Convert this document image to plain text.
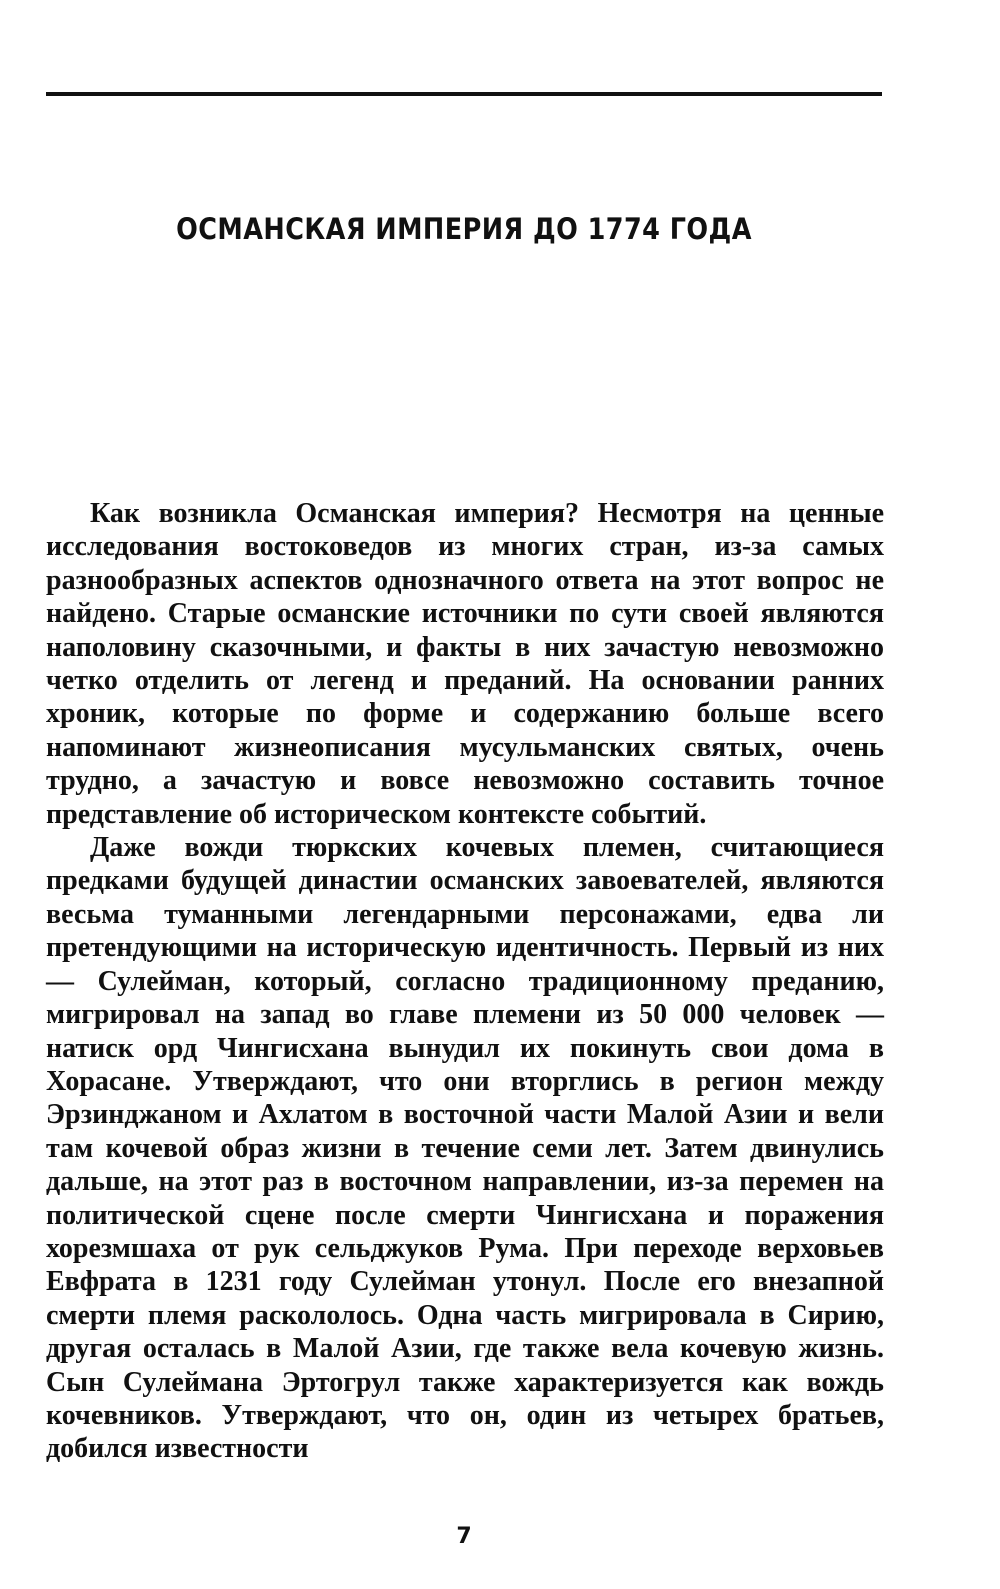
ОСМАНСКАЯ ИМПЕРИЯ ДО 1774 ГОДА

Как возникла Османская империя? Несмотря на ценные исследования востоковедов из многих стран, из-за самых разнообразных аспектов однозначного ответа на этот вопрос не найдено. Старые османские источники по сути своей являются наполовину сказочными, и факты в них зачастую невозможно четко отделить от легенд и преданий. На основании ранних хроник, которые по форме и содержанию больше всего напоминают жизнеописания мусульманских святых, очень трудно, а зачастую и вовсе невозможно составить точное представление об историческом контексте событий.

Даже вожди тюркских кочевых племен, считающиеся предками будущей династии османских завоевателей, являются весьма туманными легендарными персонажами, едва ли претендующими на историческую идентичность. Первый из них — Сулейман, который, согласно традиционному преданию, мигрировал на запад во главе племени из 50 000 человек — натиск орд Чингисхана вынудил их покинуть свои дома в Хорасане. Утверждают, что они вторглись в регион между Эрзинджаном и Ахлатом в восточной части Малой Азии и вели там кочевой образ жизни в течение семи лет. Затем двинулись дальше, на этот раз в восточном направлении, из-за перемен на политической сцене после смерти Чингисхана и поражения хорезмшаха от рук сельджуков Рума. При переходе верховьев Евфрата в 1231 году Сулейман утонул. После его внезапной смерти племя раскололось. Одна часть мигрировала в Сирию, другая осталась в Малой Азии, где также вела кочевую жизнь. Сын Сулеймана Эртогрул также характеризуется как вождь кочевников. Утверждают, что он, один из четырех братьев, добился известности

7
